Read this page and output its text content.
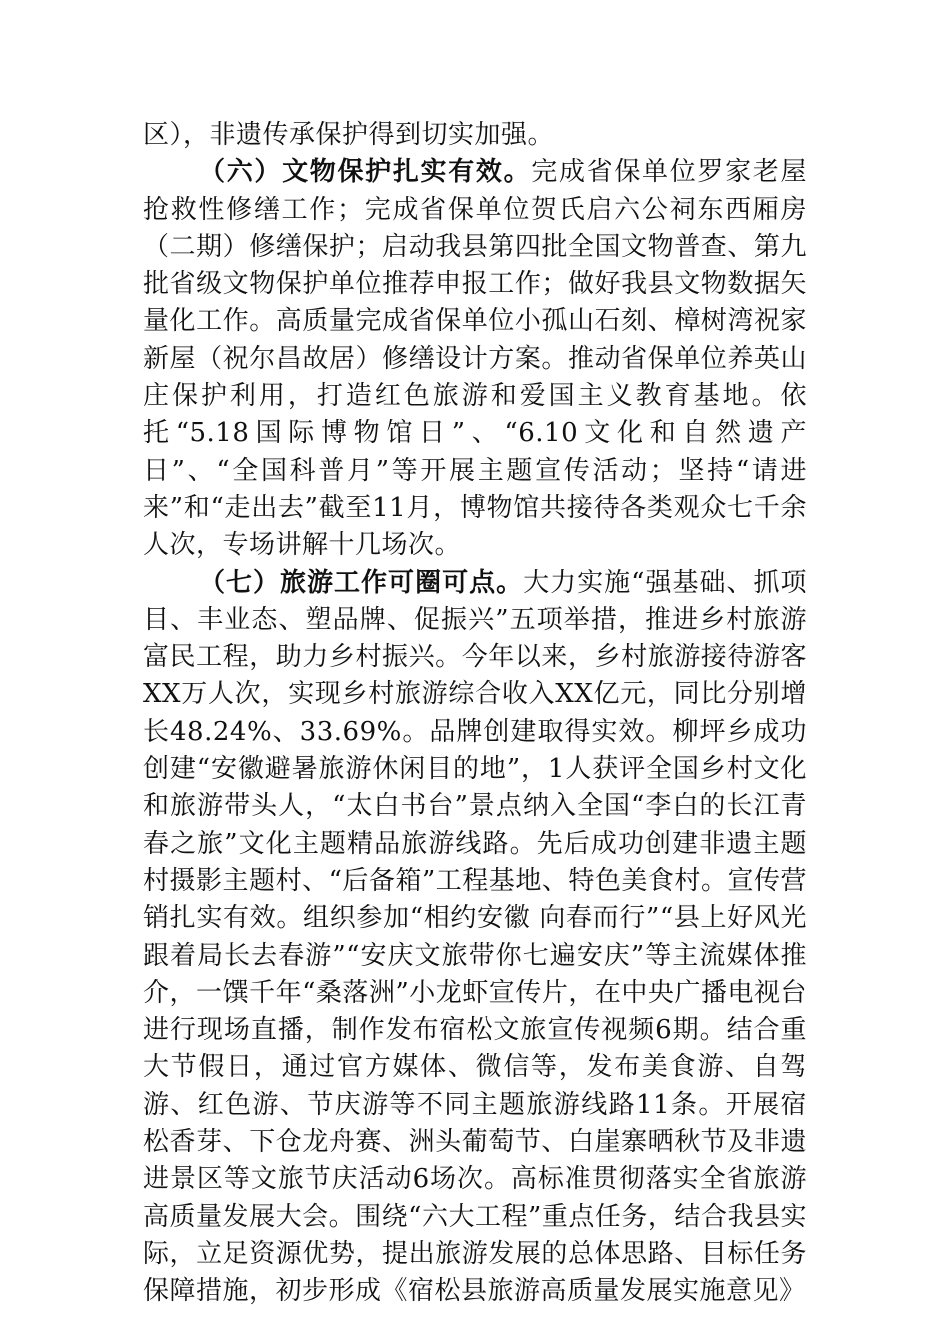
区），非遗传承保护得到切实加强。

（六）文物保护扎实有效。完成省保单位罗家老屋抢救性修缮工作；完成省保单位贺氏启六公祠东西厢房（二期）修缮保护；启动我县第四批全国文物普查、第九批省级文物保护单位推荐申报工作；做好我县文物数据矢量化工作。高质量完成省保单位小孤山石刻、樟树湾祝家新屋（祝尔昌故居）修缮设计方案。推动省保单位养英山庄保护利用，打造红色旅游和爱国主义教育基地。依托“5.18国际博物馆日”、“6.10文化和自然遗产日”、“全国科普月”等开展主题宣传活动；坚持“请进来”和“走出去”截至11月，博物馆共接待各类观众七千余人次，专场讲解十几场次。

（七）旅游工作可圈可点。大力实施“强基础、抓项目、丰业态、塑品牌、促振兴”五项举措，推进乡村旅游富民工程，助力乡村振兴。今年以来，乡村旅游接待游客XX万人次，实现乡村旅游综合收入XX亿元，同比分别增长48.24%、33.69%。品牌创建取得实效。柳坪乡成功创建“安徽避暑旅游休闲目的地”，1人获评全国乡村文化和旅游带头人，“太白书台”景点纳入全国“李白的长江青春之旅”文化主题精品旅游线路。先后成功创建非遗主题村摄影主题村、“后备箱”工程基地、特色美食村。宣传营销扎实有效。组织参加“相约安徽 向春而行”“县上好风光 跟着局长去春游”“安庆文旅带你七遍安庆”等主流媒体推介，一馔千年“桑落洲”小龙虾宣传片，在中央广播电视台进行现场直播，制作发布宿松文旅宣传视频6期。结合重大节假日，通过官方媒体、微信等，发布美食游、自驾游、红色游、节庆游等不同主题旅游线路11条。开展宿松香芽、下仓龙舟赛、洲头葡萄节、白崖寨晒秋节及非遗进景区等文旅节庆活动6场次。高标准贯彻落实全省旅游高质量发展大会。围绕“六大工程”重点任务，结合我县实际，立足资源优势，提出旅游发展的总体思路、目标任务保障措施，初步形成《宿松县旅游高质量发展实施意见》
